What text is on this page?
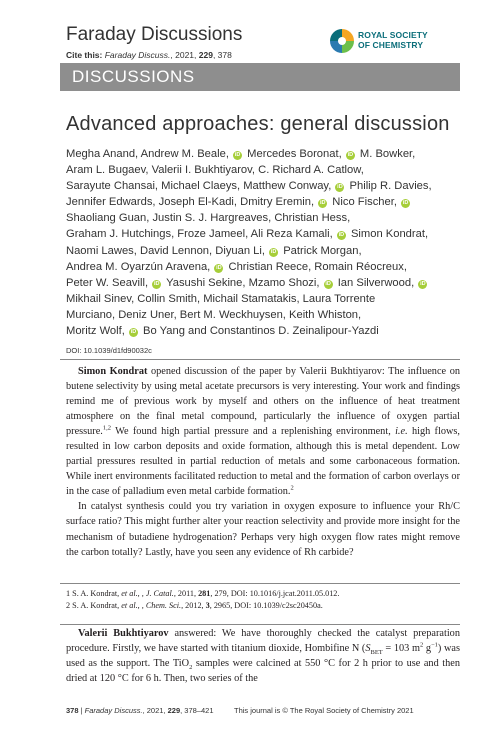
Faraday Discussions
Cite this: Faraday Discuss., 2021, 229, 378
ROYAL SOCIETY
OF CHEMISTRY
DISCUSSIONS
Advanced approaches: general discussion
Megha Anand, Andrew M. Beale, iD Mercedes Boronat, iD M. Bowker,
Aram L. Bugaev, Valerii I. Bukhtiyarov, C. Richard A. Catlow,
Sarayute Chansai, Michael Claeys, Matthew Conway, iD Philip R. Davies,
Jennifer Edwards, Joseph El-Kadi, Dmitry Eremin, iD Nico Fischer, iD
Shaoliang Guan, Justin S. J. Hargreaves, Christian Hess,
Graham J. Hutchings, Froze Jameel, Ali Reza Kamali, iD Simon Kondrat,
Naomi Lawes, David Lennon, Diyuan Li, iD Patrick Morgan,
Andrea M. Oyarzún Aravena, iD Christian Reece, Romain Réocreux,
Peter W. Seavill, iD Yasushi Sekine, Mzamo Shozi, iD Ian Silverwood, iD
Mikhail Sinev, Collin Smith, Michail Stamatakis, Laura Torrente
Murciano, Deniz Uner, Bert M. Weckhuysen, Keith Whiston,
Moritz Wolf, iD Bo Yang and Constantinos D. Zeinalipour-Yazdi
DOI: 10.1039/d1fd90032c

Simon Kondrat opened discussion of the paper by Valerii Bukhtiyarov: The influence on butene selectivity by using metal acetate precursors is very interesting. Your work and findings remind me of previous work by myself and others on the influence of heat treatment atmosphere on the final metal compound, particularly the influence of oxygen partial pressure.$^{1,2}$ We found high partial pressure and a replenishing environment, i.e. high flows, resulted in low carbon deposits and oxide formation, although this is metal dependent. Low partial pressures resulted in partial reduction of metals and some carbonaceous formation. While inert environments facilitated reduction to metal and the formation of carbon overlays or in the case of palladium even metal carbide formation.$^2$

In catalyst synthesis could you try variation in oxygen exposure to influence your Rh/C surface ratio? This might further alter your reaction selectivity and provide more insight for the mechanism of butadiene hydrogenation? Perhaps very high oxygen flow rates might remove the carbon totally? Lastly, have you seen any evidence of Rh carbide?

1 S. A. Kondrat, et al., , J. Catal., 2011, 281, 279, DOI: 10.1016/j.jcat.2011.05.012.
2 S. A. Kondrat, et al., , Chem. Sci., 2012, 3, 2965, DOI: 10.1039/c2sc20450a.

Valerii Bukhtiyarov answered: We have thoroughly checked the catalyst preparation procedure. Firstly, we have started with titanium dioxide, Hombifine N ($S_{BET} = 103$ $m^2$ $g^{-1}$) was used as the support. The TiO$_2$ samples were calcined at 550 °C for 2 h prior to use and then dried at 120 °C for 6 h. Then, two series of the

378 | Faraday Discuss., 2021, 229, 378–421	This journal is © The Royal Society of Chemistry 2021
